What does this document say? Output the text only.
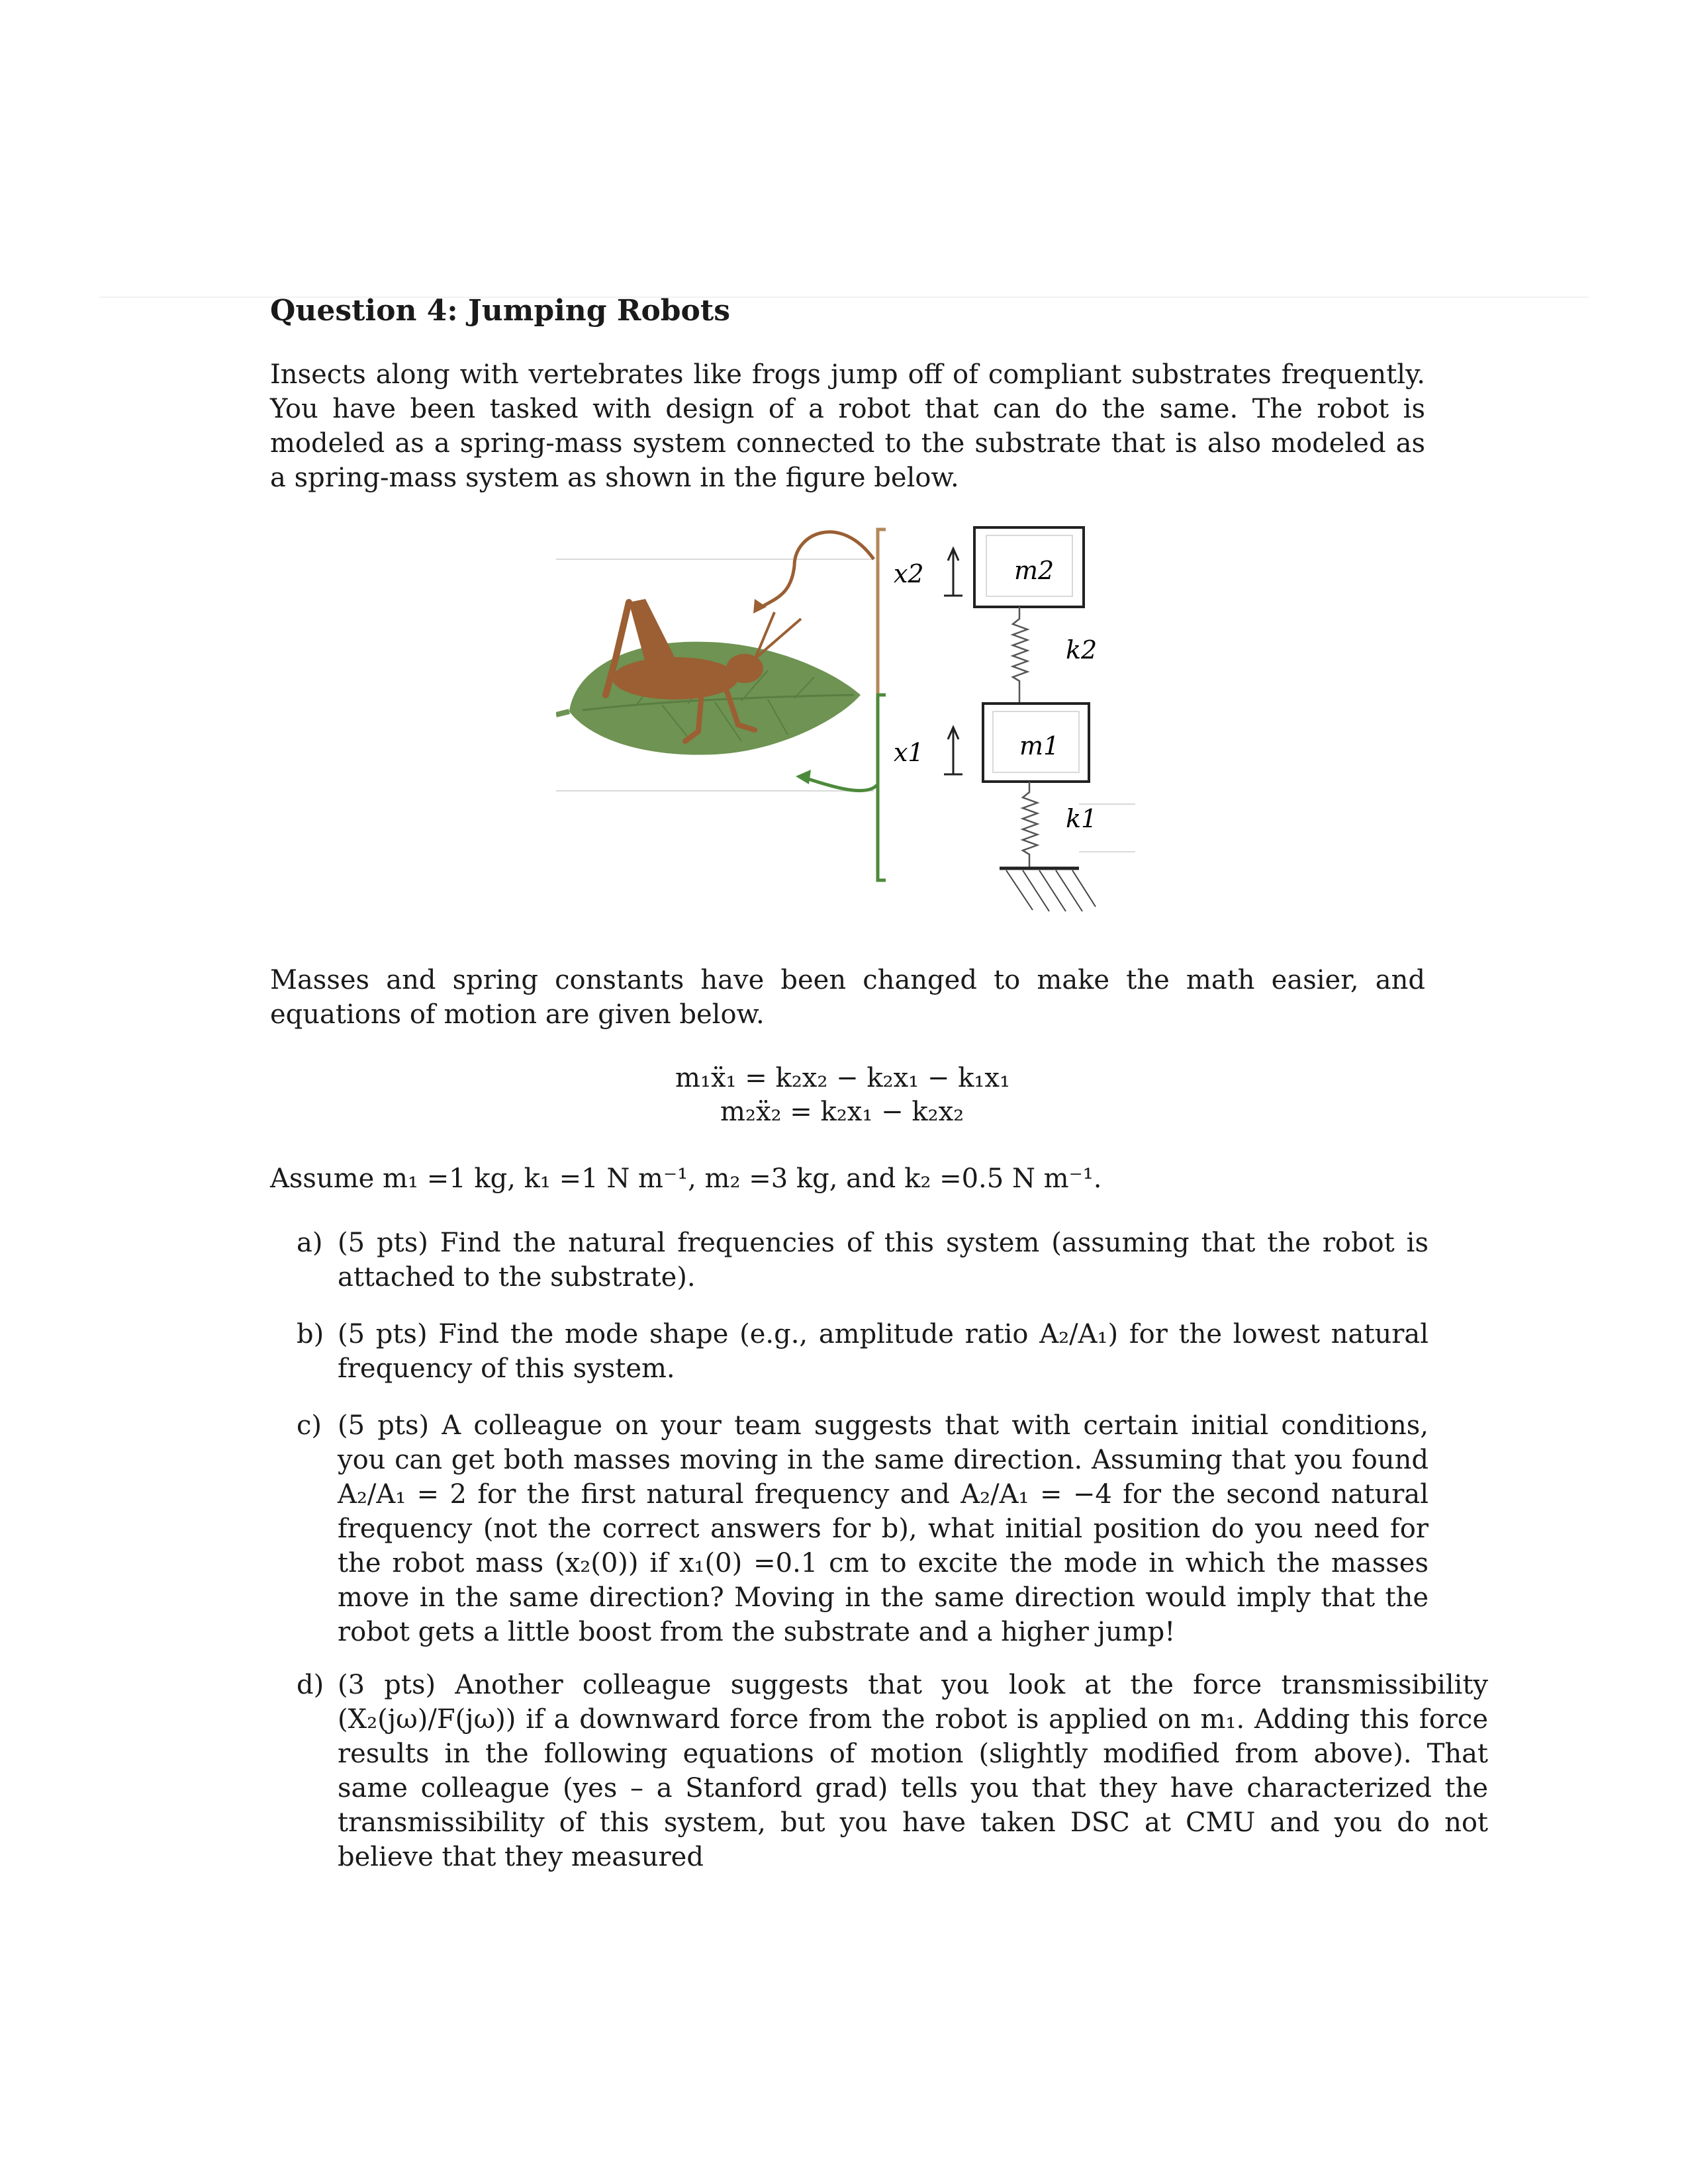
Question 4: Jumping Robots

Insects along with vertebrates like frogs jump off of compliant substrates frequently. You have been tasked with design of a robot that can do the same. The robot is modeled as a spring-mass system connected to the substrate that is also modeled as a spring-mass system as shown in the figure below.

x2
x1
m2
k2
m1
k1

Masses and spring constants have been changed to make the math easier, and equations of motion are given below.

m₁ẍ₁ = k₂x₂ − k₂x₁ − k₁x₁
m₂ẍ₂ = k₂x₁ − k₂x₂

Assume m₁ =1 kg, k₁ =1 N m⁻¹, m₂ =3 kg, and k₂ =0.5 N m⁻¹.

a) (5 pts) Find the natural frequencies of this system (assuming that the robot is attached to the substrate).
b) (5 pts) Find the mode shape (e.g., amplitude ratio A₂/A₁) for the lowest natural frequency of this system.
c) (5 pts) A colleague on your team suggests that with certain initial conditions, you can get both masses moving in the same direction. Assuming that you found A₂/A₁ = 2 for the first natural frequency and A₂/A₁ = −4 for the second natural frequency (not the correct answers for b), what initial position do you need for the robot mass (x₂(0)) if x₁(0) =0.1 cm to excite the mode in which the masses move in the same direction? Moving in the same direction would imply that the robot gets a little boost from the substrate and a higher jump!
d) (3 pts) Another colleague suggests that you look at the force transmissibility (X₂(jω)/F(jω)) if a downward force from the robot is applied on m₁. Adding this force results in the following equations of motion (slightly modified from above). That same colleague (yes – a Stanford grad) tells you that they have characterized the transmissibility of this system, but you have taken DSC at CMU and you do not believe that they measured
